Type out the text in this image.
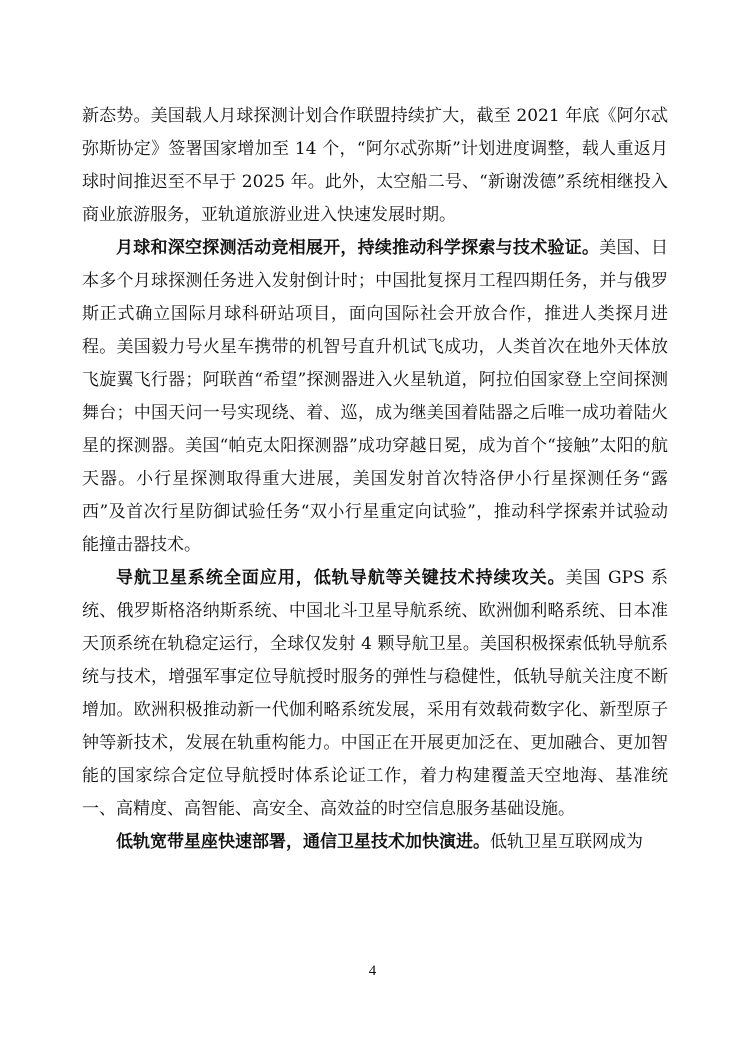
新态势。美国载人月球探测计划合作联盟持续扩大，截至 2021 年底《阿尔忒弥斯协定》签署国家增加至 14 个，“阿尔忒弥斯”计划进度调整，载人重返月球时间推迟至不早于 2025 年。此外，太空船二号、“新谢泼德”系统相继投入商业旅游服务，亚轨道旅游业进入快速发展时期。

月球和深空探测活动竞相展开，持续推动科学探索与技术验证。美国、日本多个月球探测任务进入发射倒计时；中国批复探月工程四期任务，并与俄罗斯正式确立国际月球科研站项目，面向国际社会开放合作，推进人类探月进程。美国毅力号火星车携带的机智号直升机试飞成功，人类首次在地外天体放飞旋翼飞行器；阿联酋“希望”探测器进入火星轨道，阿拉伯国家登上空间探测舞台；中国天问一号实现绕、着、巡，成为继美国着陆器之后唯一成功着陆火星的探测器。美国“帕克太阳探测器”成功穿越日冕，成为首个“接触”太阳的航天器。小行星探测取得重大进展，美国发射首次特洛伊小行星探测任务“露西”及首次行星防御试验任务“双小行星重定向试验”，推动科学探索并试验动能撞击器技术。

导航卫星系统全面应用，低轨导航等关键技术持续攻关。美国 GPS 系统、俄罗斯格洛纳斯系统、中国北斗卫星导航系统、欧洲伽利略系统、日本准天顶系统在轨稳定运行，全球仅发射 4 颗导航卫星。美国积极探索低轨导航系统与技术，增强军事定位导航授时服务的弹性与稳健性，低轨导航关注度不断增加。欧洲积极推动新一代伽利略系统发展，采用有效载荷数字化、新型原子钟等新技术，发展在轨重构能力。中国正在开展更加泛在、更加融合、更加智能的国家综合定位导航授时体系论证工作，着力构建覆盖天空地海、基准统一、高精度、高智能、高安全、高效益的时空信息服务基础设施。

低轨宽带星座快速部署，通信卫星技术加快演进。低轨卫星互联网成为

4
